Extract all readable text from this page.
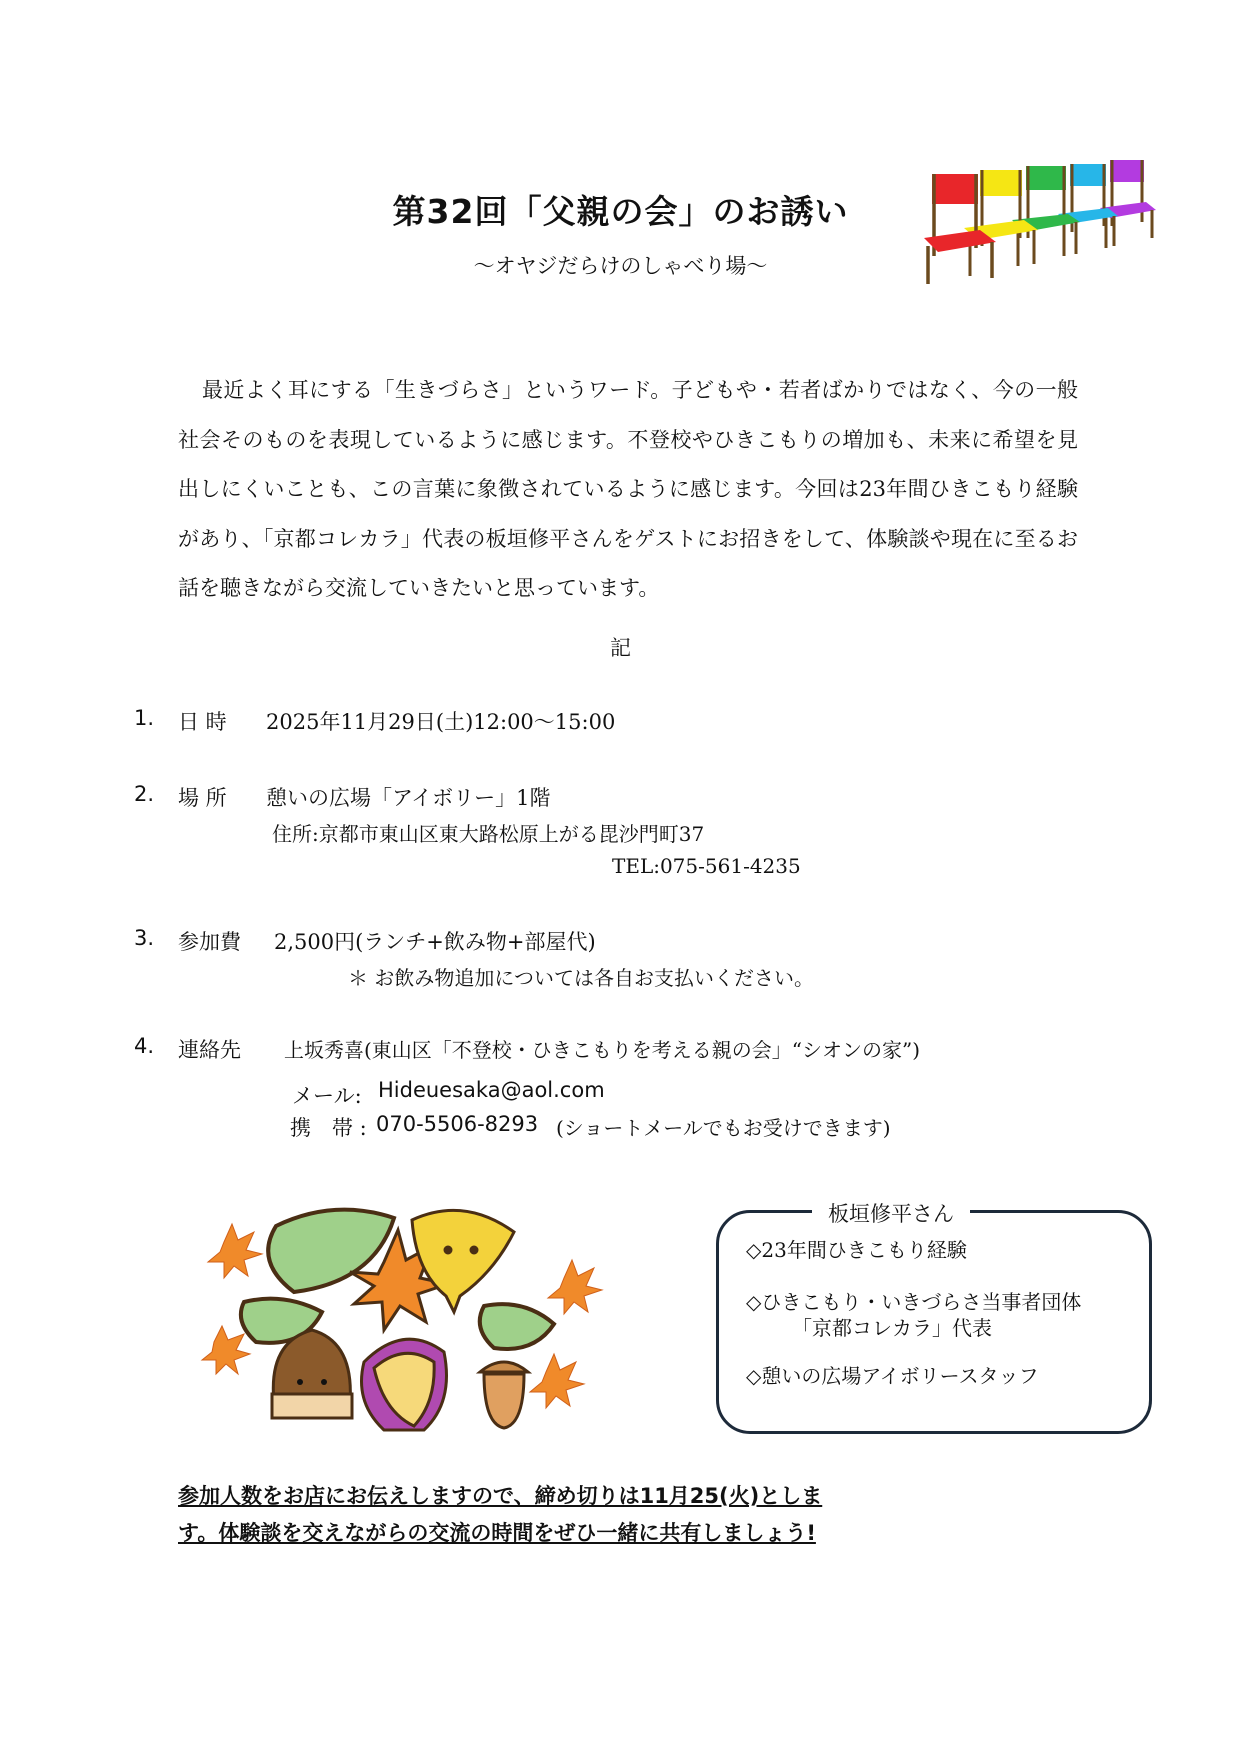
第32回「父親の会」のお誘い
〜オヤジだらけのしゃべり場〜

最近よく耳にする「生きづらさ」というワード。子どもや・若者ばかりではなく、今の一般社会そのものを表現しているように感じます。不登校やひきこもりの増加も、未来に希望を見出しにくいことも、この言葉に象徴されているように感じます。今回は23年間ひきこもり経験があり、「京都コレカラ」代表の板垣修平さんをゲストにお招きをして、体験談や現在に至るお話を聴きながら交流していきたいと思っています。

記
1. 日 時 2025年11月29日(土)12:00〜15:00
2. 場 所 憩いの広場「アイボリー」1階
住所:京都市東山区東大路松原上がる毘沙門町37
TEL:075-561-4235
3. 参加費 2,500円(ランチ+飲み物+部屋代)
＊ お飲み物追加については各自お支払いください。
4. 連絡先 上坂秀喜(東山区「不登校・ひきこもりを考える親の会」“シオンの家”)
メール: Hideuesaka@aol.com
携　帯 : 070-5506-8293 (ショートメールでもお受けできます)
板垣修平さん
◇23年間ひきこもり経験
◇ひきこもり・いきづらさ当事者団体
「京都コレカラ」代表
◇憩いの広場アイボリースタッフ
参加人数をお店にお伝えしますので、締め切りは11月25(火)としま
す。体験談を交えながらの交流の時間をぜひ一緒に共有しましょう!
